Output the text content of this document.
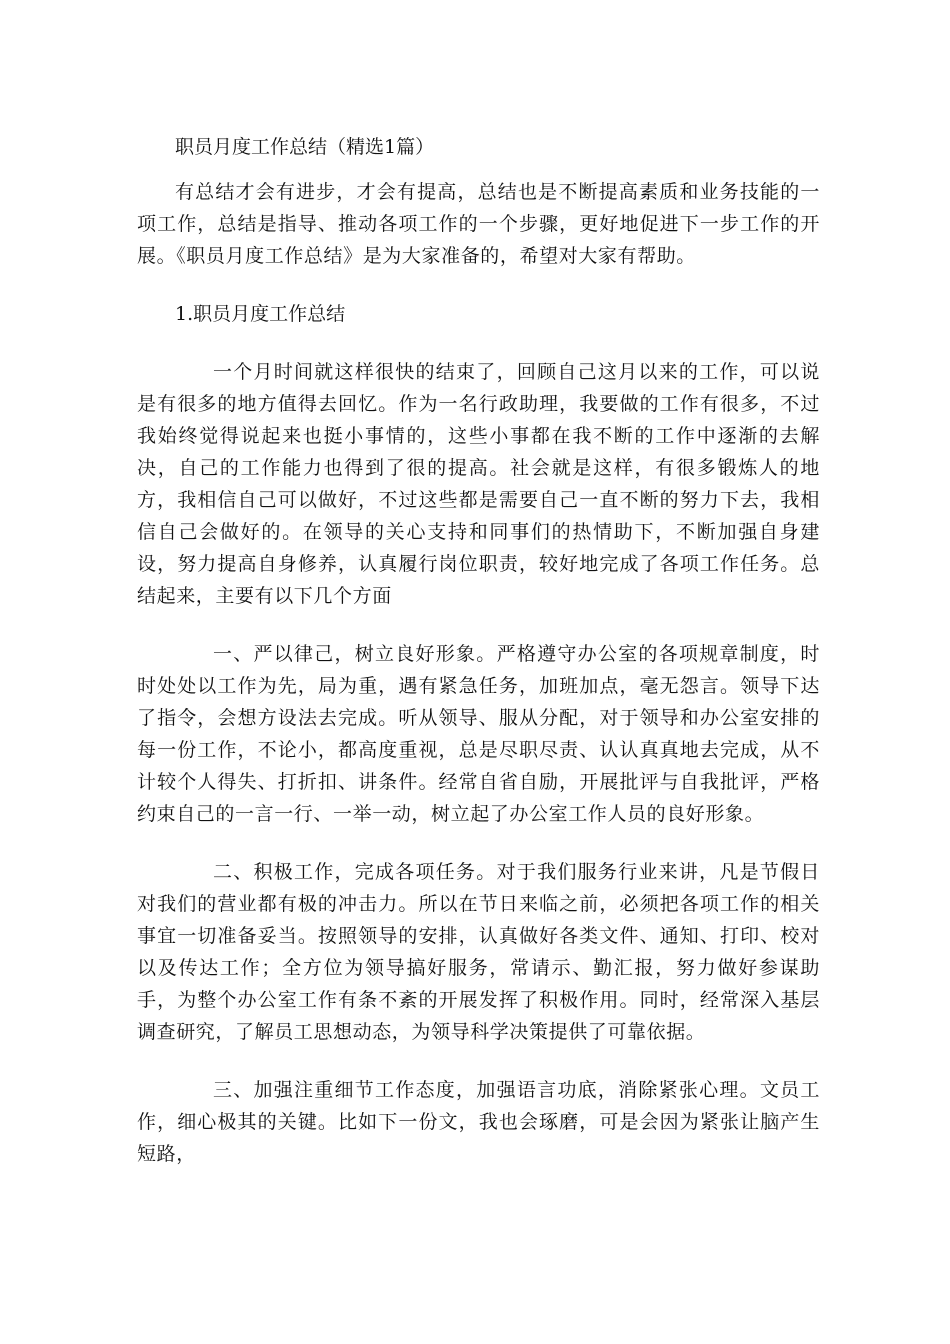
职员月度工作总结（精选1篇）

有总结才会有进步，才会有提高，总结也是不断提高素质和业务技能的一项工作，总结是指导、推动各项工作的一个步骤，更好地促进下一步工作的开展。《职员月度工作总结》是为大家准备的，希望对大家有帮助。

1.职员月度工作总结

一个月时间就这样很快的结束了，回顾自己这月以来的工作，可以说是有很多的地方值得去回忆。作为一名行政助理，我要做的工作有很多，不过我始终觉得说起来也挺小事情的，这些小事都在我不断的工作中逐渐的去解决，自己的工作能力也得到了很的提高。社会就是这样，有很多锻炼人的地方，我相信自己可以做好，不过这些都是需要自己一直不断的努力下去，我相信自己会做好的。在领导的关心支持和同事们的热情助下，不断加强自身建设，努力提高自身修养，认真履行岗位职责，较好地完成了各项工作任务。总结起来，主要有以下几个方面

一、严以律己，树立良好形象。严格遵守办公室的各项规章制度，时时处处以工作为先，局为重，遇有紧急任务，加班加点，毫无怨言。领导下达了指令，会想方设法去完成。听从领导、服从分配，对于领导和办公室安排的每一份工作，不论小，都高度重视，总是尽职尽责、认认真真地去完成，从不计较个人得失、打折扣、讲条件。经常自省自励，开展批评与自我批评，严格约束自己的一言一行、一举一动，树立起了办公室工作人员的良好形象。

二、积极工作，完成各项任务。对于我们服务行业来讲，凡是节假日对我们的营业都有极的冲击力。所以在节日来临之前，必须把各项工作的相关事宜一切准备妥当。按照领导的安排，认真做好各类文件、通知、打印、校对以及传达工作；全方位为领导搞好服务，常请示、勤汇报，努力做好参谋助手，为整个办公室工作有条不紊的开展发挥了积极作用。同时，经常深入基层调查研究，了解员工思想动态，为领导科学决策提供了可靠依据。

三、加强注重细节工作态度，加强语言功底，消除紧张心理。文员工作，细心极其的关键。比如下一份文，我也会琢磨，可是会因为紧张让脑产生短路，
